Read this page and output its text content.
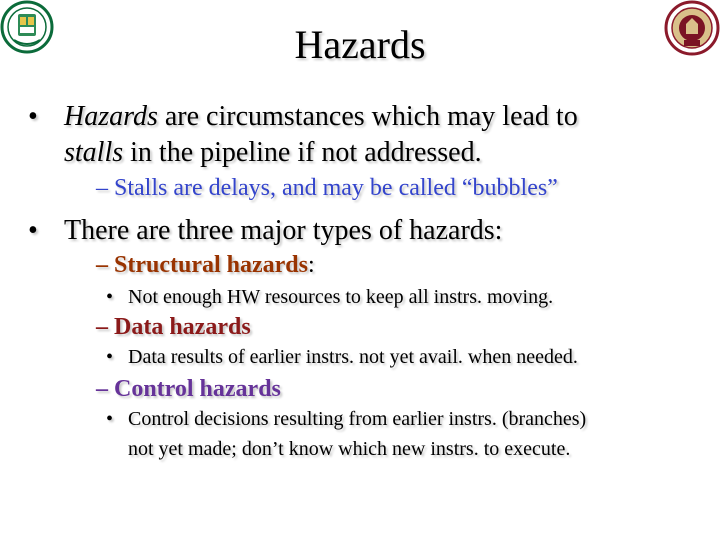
Hazards
• Hazards are circumstances which may lead to
stalls in the pipeline if not addressed.
– Stalls are delays, and may be called “bubbles”
• There are three major types of hazards:
– Structural hazards:
• Not enough HW resources to keep all instrs. moving.
– Data hazards
• Data results of earlier instrs. not yet avail. when needed.
– Control hazards
• Control decisions resulting from earlier instrs. (branches)
not yet made; don’t know which new instrs. to execute.
